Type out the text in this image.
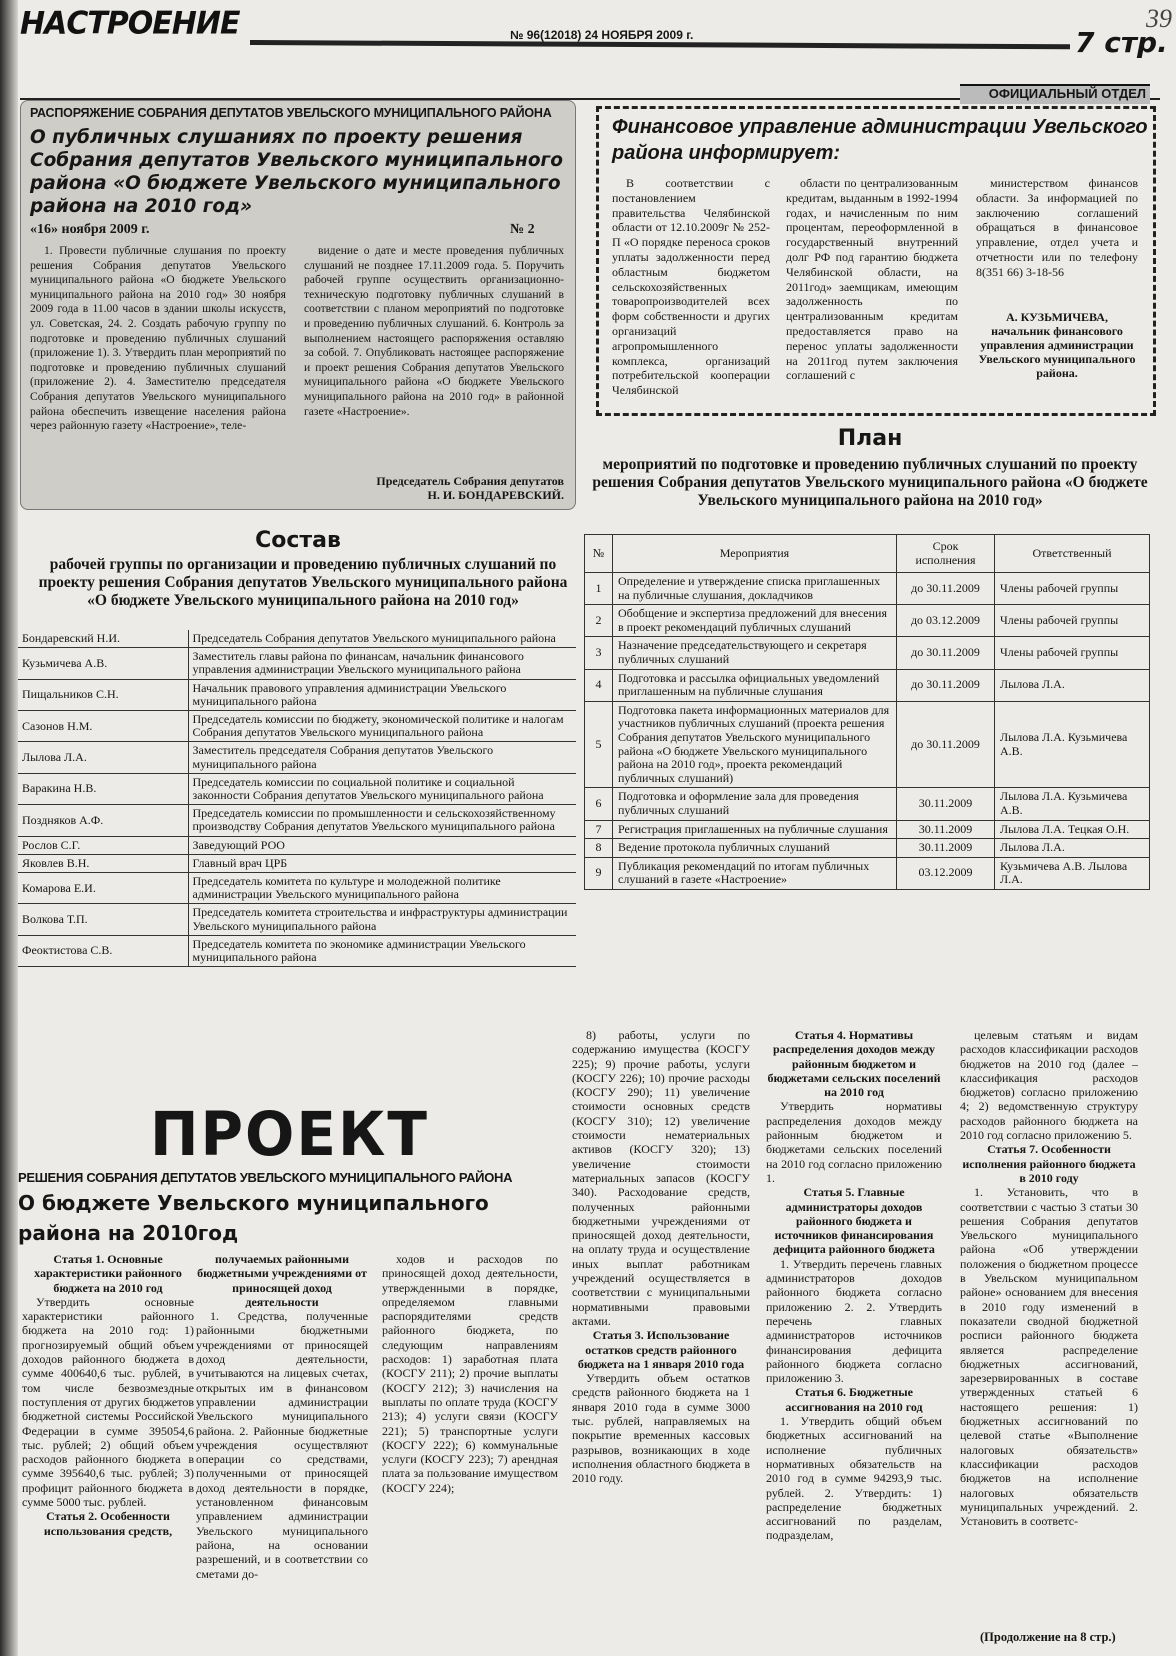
НАСТРОЕНИЕ	№ 96(12018) 24 НОЯБРЯ 2009 г.	7 стр.
39
ОФИЦИАЛЬНЫЙ ОТДЕЛ
РАСПОРЯЖЕНИЕ СОБРАНИЯ ДЕПУТАТОВ УВЕЛЬСКОГО МУНИЦИПАЛЬНОГО РАЙОНА
О публичных слушаниях по проекту решения Собрания депутатов Увельского муниципального района «О бюджете Увельского муниципального района на 2010 год»
«16» ноября 2009 г.	№ 2

1. Провести публичные слушания по проекту решения Собрания депутатов Увельского муниципального района «О бюджете Увельского муниципального района на 2010 год» 30 ноября 2009 года в 11.00 часов в здании школы искусств, ул. Советская, 24. 2. Создать рабочую группу по подготовке и проведению публичных слушаний (приложение 1). 3. Утвердить план мероприятий по подготовке и проведению публичных слушаний (приложение 2). 4. Заместителю председателя Собрания депутатов Увельского муниципального района обеспечить извещение населения района через районную газету «Настроение», теле-

видение о дате и месте проведения публичных слушаний не позднее 17.11.2009 года. 5. Поручить рабочей группе осуществить организационно-техническую подготовку публичных слушаний в соответствии с планом мероприятий по подготовке и проведению публичных слушаний. 6. Контроль за выполнением настоящего распоряжения оставляю за собой. 7. Опубликовать настоящее распоряжение и проект решения Собрания депутатов Увельского муниципального района «О бюджете Увельского муниципального района на 2010 год» в районной газете «Настроение».

Председатель Собрания депутатов
Н. И. БОНДАРЕВСКИЙ.
Финансовое управление администрации Увельского района информирует:

В соответствии с постановлением правительства Челябинской области от 12.10.2009г № 252-П «О порядке переноса сроков уплаты задолженности перед областным бюджетом сельскохозяйственных товаропроизводителей всех форм собственности и других организаций агропромышленного комплекса, организаций потребительской кооперации Челябинской

области по централизованным кредитам, выданным в 1992-1994 годах, и начисленным по ним процентам, переоформленной в государственный внутренний долг РФ под гарантию бюджета Челябинской области, на 2011год» заемщикам, имеющим задолженность по централизованным кредитам предоставляется право на перенос уплаты задолженности на 2011год путем заключения соглашений с

министерством финансов области. За информацией по заключению соглашений обращаться в финансовое управление, отдел учета и отчетности или по телефону 8(351 66) 3-18-56

А. КУЗЬМИЧЕВА,
начальник финансового управления администрации Увельского муниципального района.
План
мероприятий по подготовке и проведению публичных слушаний по проекту решения Собрания депутатов Увельского муниципального района «О бюджете Увельского муниципального района на 2010 год»
№	Мероприятия	Срок исполнения	Ответственный
1	Определение и утверждение списка приглашенных на публичные слушания, докладчиков	до 30.11.2009	Члены рабочей группы
2	Обобщение и экспертиза предложений для внесения в проект рекомендаций публичных слушаний	до 03.12.2009	Члены рабочей группы
3	Назначение председательствующего и секретаря публичных слушаний	до 30.11.2009	Члены рабочей группы
4	Подготовка и рассылка официальных уведомлений приглашенным на публичные слушания	до 30.11.2009	Лылова Л.А.
5	Подготовка пакета информационных материалов для участников публичных слушаний (проекта решения Собрания депутатов Увельского муниципального района «О бюджете Увельского муниципального района на 2010 год», проекта рекомендаций публичных слушаний)	до 30.11.2009	Лылова Л.А. Кузьмичева А.В.
6	Подготовка и оформление зала для проведения публичных слушаний	30.11.2009	Лылова Л.А. Кузьмичева А.В.
7	Регистрация приглашенных на публичные слушания	30.11.2009	Лылова Л.А. Тецкая О.Н.
8	Ведение протокола публичных слушаний	30.11.2009	Лылова Л.А.
9	Публикация рекомендаций по итогам публичных слушаний в газете «Настроение»	03.12.2009	Кузьмичева А.В. Лылова Л.А.
Состав
рабочей группы по организации и проведению публичных слушаний по проекту решения Собрания депутатов Увельского муниципального района «О бюджете Увельского муниципального района на 2010 год»
Бондаревский Н.И.	Председатель Собрания депутатов Увельского муниципального района
Кузьмичева А.В.	Заместитель главы района по финансам, начальник финансового управления администрации Увельского муниципального района
Пищальников С.Н.	Начальник правового управления администрации Увельского муниципального района
Сазонов Н.М.	Председатель комиссии по бюджету, экономической политике и налогам Собрания депутатов Увельского муниципального района
Лылова Л.А.	Заместитель председателя Собрания депутатов Увельского муниципального района
Варакина Н.В.	Председатель комиссии по социальной политике и социальной законности Собрания депутатов Увельского муниципального района
Поздняков А.Ф.	Председатель комиссии по промышленности и сельскохозяйственному производству Собрания депутатов Увельского муниципального района
Рослов С.Г.	Заведующий РОО
Яковлев В.Н.	Главный врач ЦРБ
Комарова Е.И.	Председатель комитета по культуре и молодежной политике администрации Увельского муниципального района
Волкова Т.П.	Председатель комитета строительства и инфраструктуры администрации Увельского муниципального района
Феоктистова С.В.	Председатель комитета по экономике администрации Увельского муниципального района
ПРОЕКТ
РЕШЕНИЯ СОБРАНИЯ ДЕПУТАТОВ УВЕЛЬСКОГО МУНИЦИПАЛЬНОГО РАЙОНА
О бюджете Увельского муниципального района на 2010год
Статья 1. Основные характеристики районного бюджета на 2010 год

Утвердить основные характеристики районного бюджета на 2010 год: 1) прогнозируемый общий объем доходов районного бюджета в сумме 400640,6 тыс. рублей, в том числе безвозмездные поступления от других бюджетов бюджетной системы Российской Федерации в сумме 395054,6 тыс. рублей; 2) общий объем расходов районного бюджета в сумме 395640,6 тыс. рублей; 3) профицит районного бюджета в сумме 5000 тыс. рублей.

Статья 2. Особенности использования средств,
получаемых районными бюджетными учреждениями от приносящей доход деятельности

1. Средства, полученные районными бюджетными учреждениями от приносящей доход деятельности, учитываются на лицевых счетах, открытых им в финансовом управлении администрации Увельского муниципального района. 2. Районные бюджетные учреждения осуществляют операции со средствами, полученными от приносящей доход деятельности в порядке, установленном финансовым управлением администрации Увельского муниципального района, на основании разрешений, и в соответствии со сметами до-

ходов и расходов по приносящей доход деятельности, утвержденными в порядке, определяемом главными распорядителями средств районного бюджета, по следующим направлениям расходов: 1) заработная плата (КОСГУ 211); 2) прочие выплаты (КОСГУ 212); 3) начисления на выплаты по оплате труда (КОСГУ 213); 4) услуги связи (КОСГУ 221); 5) транспортные услуги (КОСГУ 222); 6) коммунальные услуги (КОСГУ 223); 7) арендная плата за пользование имуществом (КОСГУ 224);

8) работы, услуги по содержанию имущества (КОСГУ 225); 9) прочие работы, услуги (КОСГУ 226); 10) прочие расходы (КОСГУ 290); 11) увеличение стоимости основных средств (КОСГУ 310); 12) увеличение стоимости нематериальных активов (КОСГУ 320); 13) увеличение стоимости материальных запасов (КОСГУ 340). Расходование средств, полученных районными бюджетными учреждениями от приносящей доход деятельности, на оплату труда и осуществление иных выплат работникам учреждений осуществляется в соответствии с муниципальными нормативными правовыми актами.

Статья 3. Использование остатков средств районного бюджета на 1 января 2010 года

Утвердить объем остатков средств районного бюджета на 1 января 2010 года в сумме 3000 тыс. рублей, направляемых на покрытие временных кассовых разрывов, возникающих в ходе исполнения областного бюджета в 2010 году.

Статья 4. Нормативы распределения доходов между районным бюджетом и бюджетами сельских поселений на 2010 год

Утвердить нормативы распределения доходов между районным бюджетом и бюджетами сельских поселений на 2010 год согласно приложению 1.

Статья 5. Главные администраторы доходов районного бюджета и источников финансирования дефицита районного бюджета

1. Утвердить перечень главных администраторов доходов районного бюджета согласно приложению 2. 2. Утвердить перечень главных администраторов источников финансирования дефицита районного бюджета согласно приложению 3.

Статья 6. Бюджетные ассигнования на 2010 год

1. Утвердить общий объем бюджетных ассигнований на исполнение публичных нормативных обязательств на 2010 год в сумме 94293,9 тыс. рублей. 2. Утвердить: 1) распределение бюджетных ассигнований по разделам, подразделам,

целевым статьям и видам расходов классификации расходов бюджетов на 2010 год (далее – классификация расходов бюджетов) согласно приложению 4; 2) ведомственную структуру расходов районного бюджета на 2010 год согласно приложению 5.

Статья 7. Особенности исполнения районного бюджета в 2010 году

1. Установить, что в соответствии с частью 3 статьи 30 решения Собрания депутатов Увельского муниципального района «Об утверждении положения о бюджетном процессе в Увельском муниципальном районе» основанием для внесения в 2010 году изменений в показатели сводной бюджетной росписи районного бюджета является распределение бюджетных ассигнований, зарезервированных в составе утвержденных статьей 6 настоящего решения: 1) бюджетных ассигнований по целевой статье «Выполнение налоговых обязательств» классификации расходов бюджетов на исполнение налоговых обязательств муниципальных учреждений. 2. Установить в соответс-

(Продолжение на 8 стр.)
